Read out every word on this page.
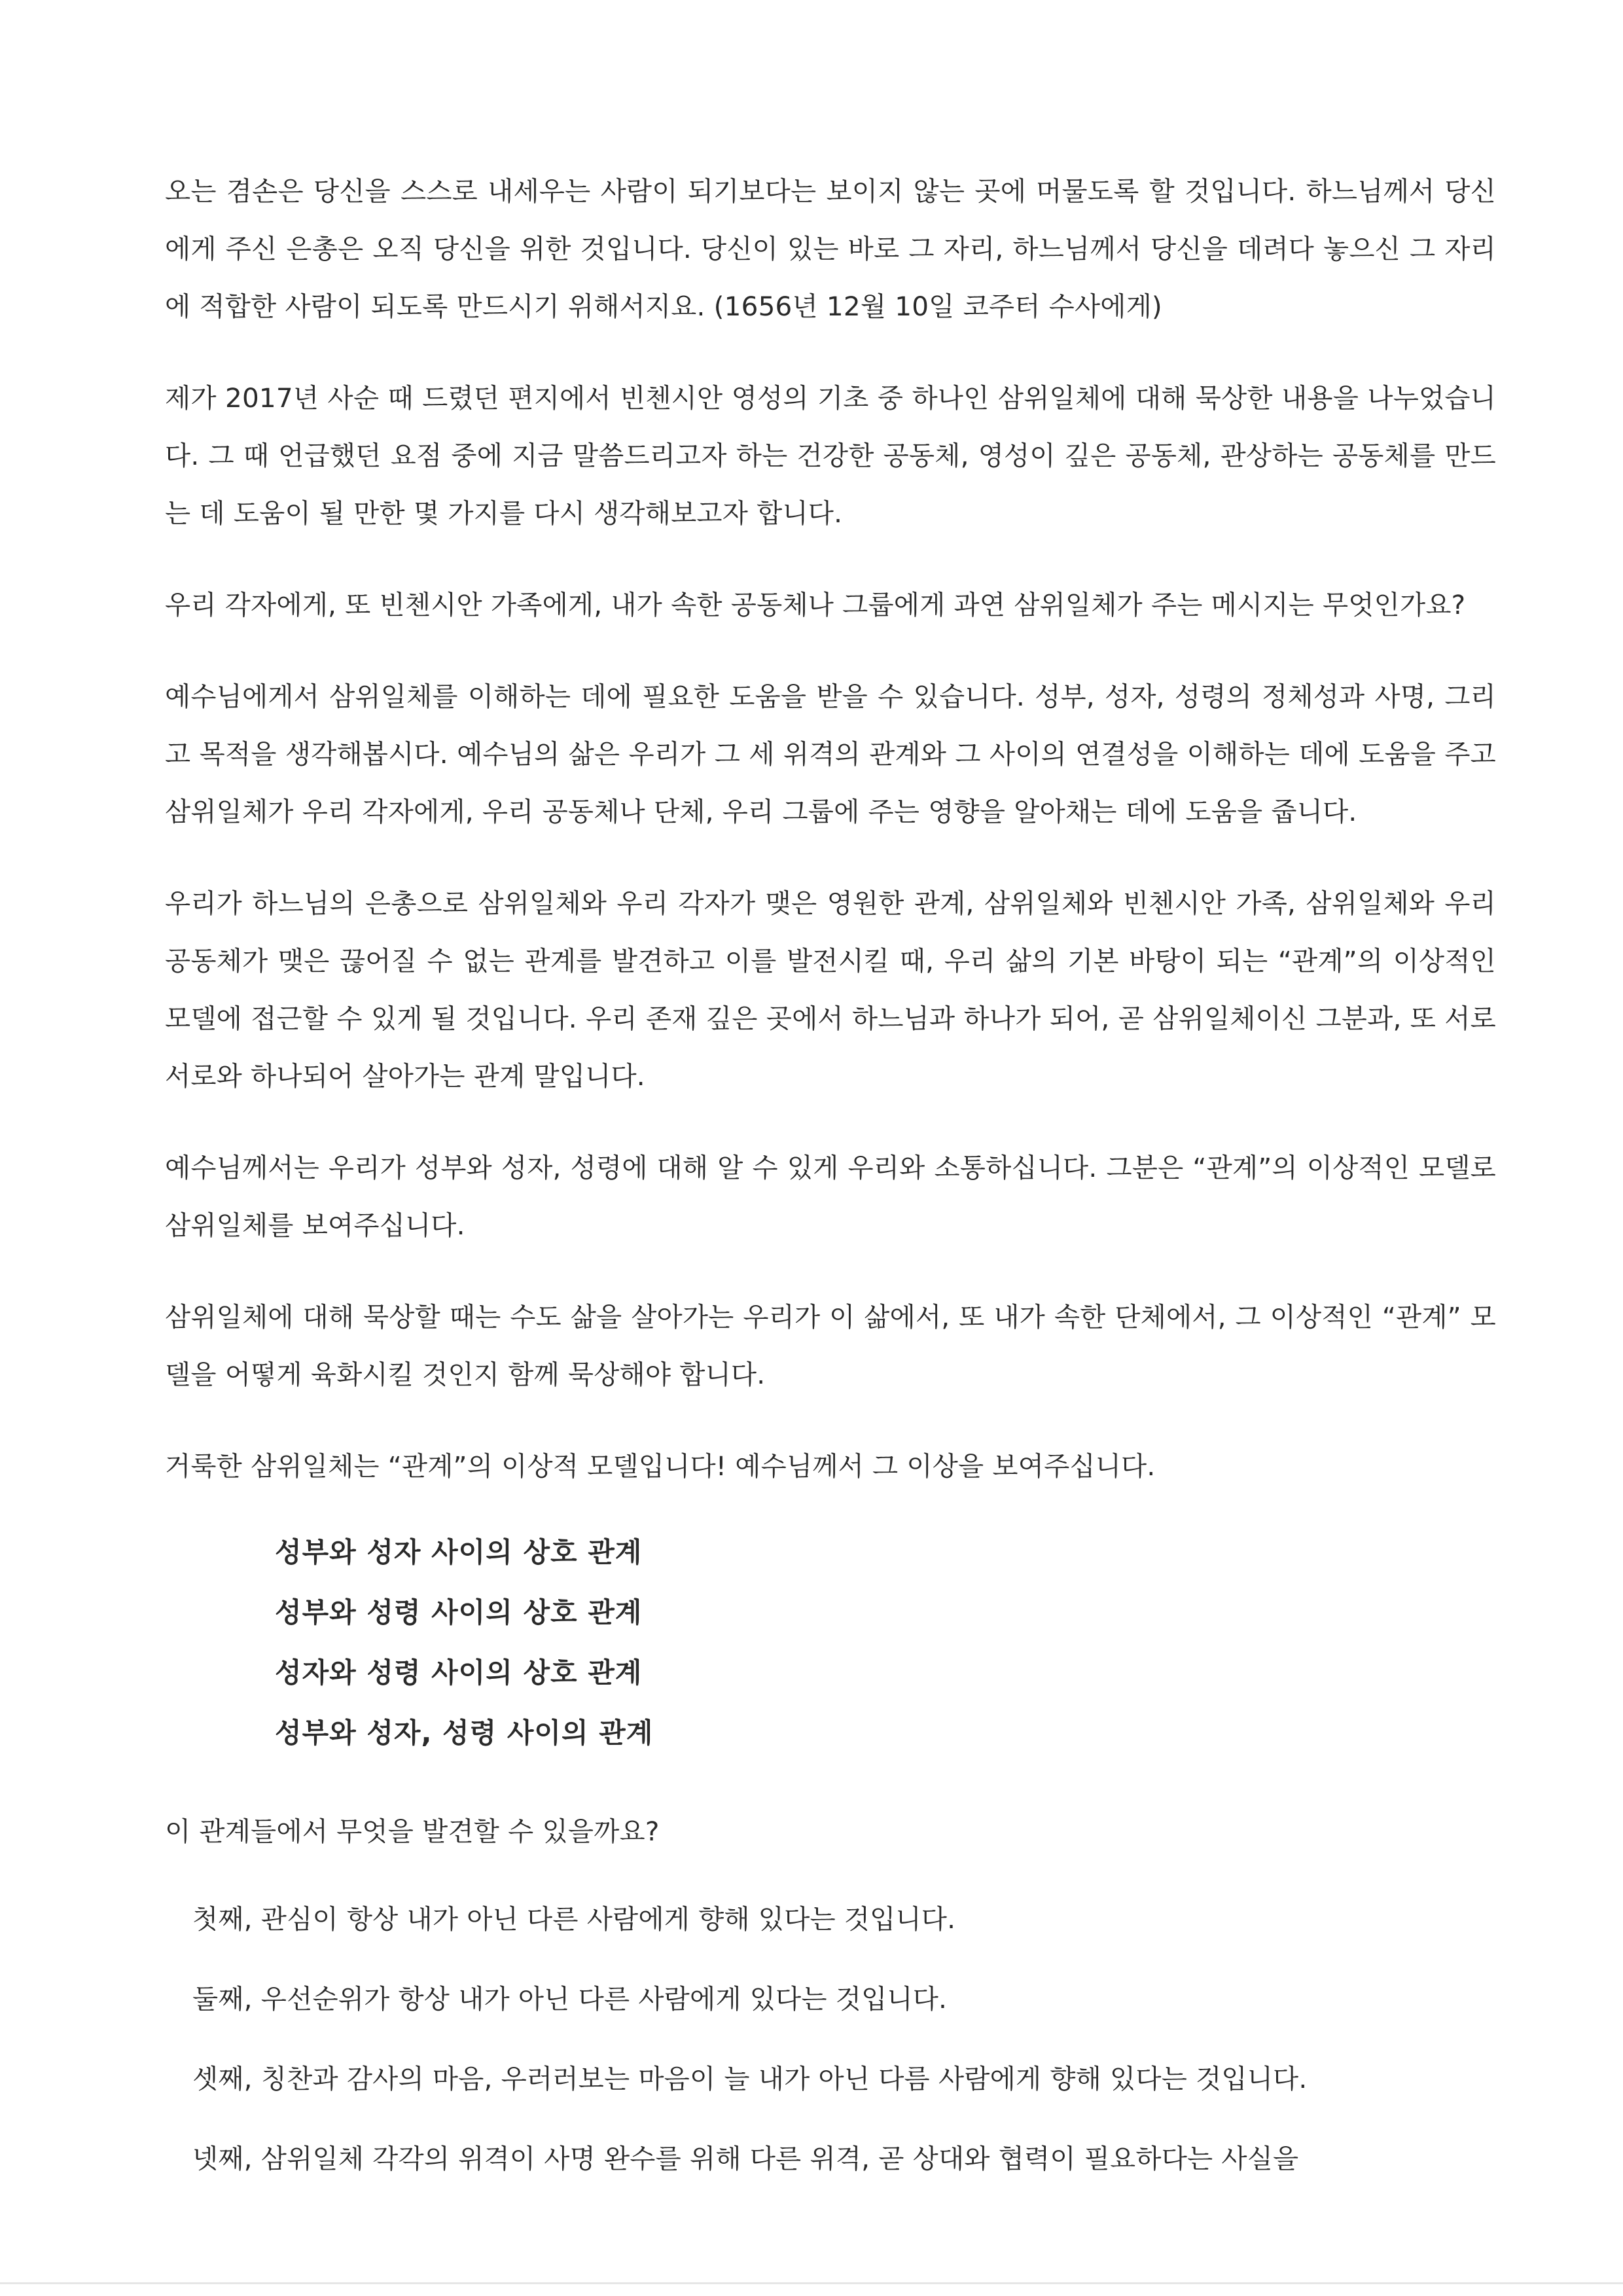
오는 겸손은 당신을 스스로 내세우는 사람이 되기보다는 보이지 않는 곳에 머물도록 할 것입니다. 하느님께서 당신에게 주신 은총은 오직 당신을 위한 것입니다. 당신이 있는 바로 그 자리, 하느님께서 당신을 데려다 놓으신 그 자리에 적합한 사람이 되도록 만드시기 위해서지요. (1656년 12월 10일 코주터 수사에게)

제가 2017년 사순 때 드렸던 편지에서 빈첸시안 영성의 기초 중 하나인 삼위일체에 대해 묵상한 내용을 나누었습니다. 그 때 언급했던 요점 중에 지금 말씀드리고자 하는 건강한 공동체, 영성이 깊은 공동체, 관상하는 공동체를 만드는 데 도움이 될 만한 몇 가지를 다시 생각해보고자 합니다.

우리 각자에게, 또 빈첸시안 가족에게, 내가 속한 공동체나 그룹에게 과연 삼위일체가 주는 메시지는 무엇인가요?

예수님에게서 삼위일체를 이해하는 데에 필요한 도움을 받을 수 있습니다. 성부, 성자, 성령의 정체성과 사명, 그리고 목적을 생각해봅시다. 예수님의 삶은 우리가 그 세 위격의 관계와 그 사이의 연결성을 이해하는 데에 도움을 주고 삼위일체가 우리 각자에게, 우리 공동체나 단체, 우리 그룹에 주는 영향을 알아채는 데에 도움을 줍니다.

우리가 하느님의 은총으로 삼위일체와 우리 각자가 맺은 영원한 관계, 삼위일체와 빈첸시안 가족, 삼위일체와 우리 공동체가 맺은 끊어질 수 없는 관계를 발견하고 이를 발전시킬 때, 우리 삶의 기본 바탕이 되는 “관계”의 이상적인 모델에 접근할 수 있게 될 것입니다. 우리 존재 깊은 곳에서 하느님과 하나가 되어, 곧 삼위일체이신 그분과, 또 서로서로와 하나되어 살아가는 관계 말입니다.

예수님께서는 우리가 성부와 성자, 성령에 대해 알 수 있게 우리와 소통하십니다. 그분은 “관계”의 이상적인 모델로 삼위일체를 보여주십니다.

삼위일체에 대해 묵상할 때는 수도 삶을 살아가는 우리가 이 삶에서, 또 내가 속한 단체에서, 그 이상적인 “관계” 모델을 어떻게 육화시킬 것인지 함께 묵상해야 합니다.

거룩한 삼위일체는 “관계”의 이상적 모델입니다! 예수님께서 그 이상을 보여주십니다.

성부와 성자 사이의 상호 관계
성부와 성령 사이의 상호 관계
성자와 성령 사이의 상호 관계
성부와 성자, 성령 사이의 관계

이 관계들에서 무엇을 발견할 수 있을까요?

첫째, 관심이 항상 내가 아닌 다른 사람에게 향해 있다는 것입니다.

둘째, 우선순위가 항상 내가 아닌 다른 사람에게 있다는 것입니다.

셋째, 칭찬과 감사의 마음, 우러러보는 마음이 늘 내가 아닌 다름 사람에게 향해 있다는 것입니다.

넷째, 삼위일체 각각의 위격이 사명 완수를 위해 다른 위격, 곧 상대와 협력이 필요하다는 사실을
